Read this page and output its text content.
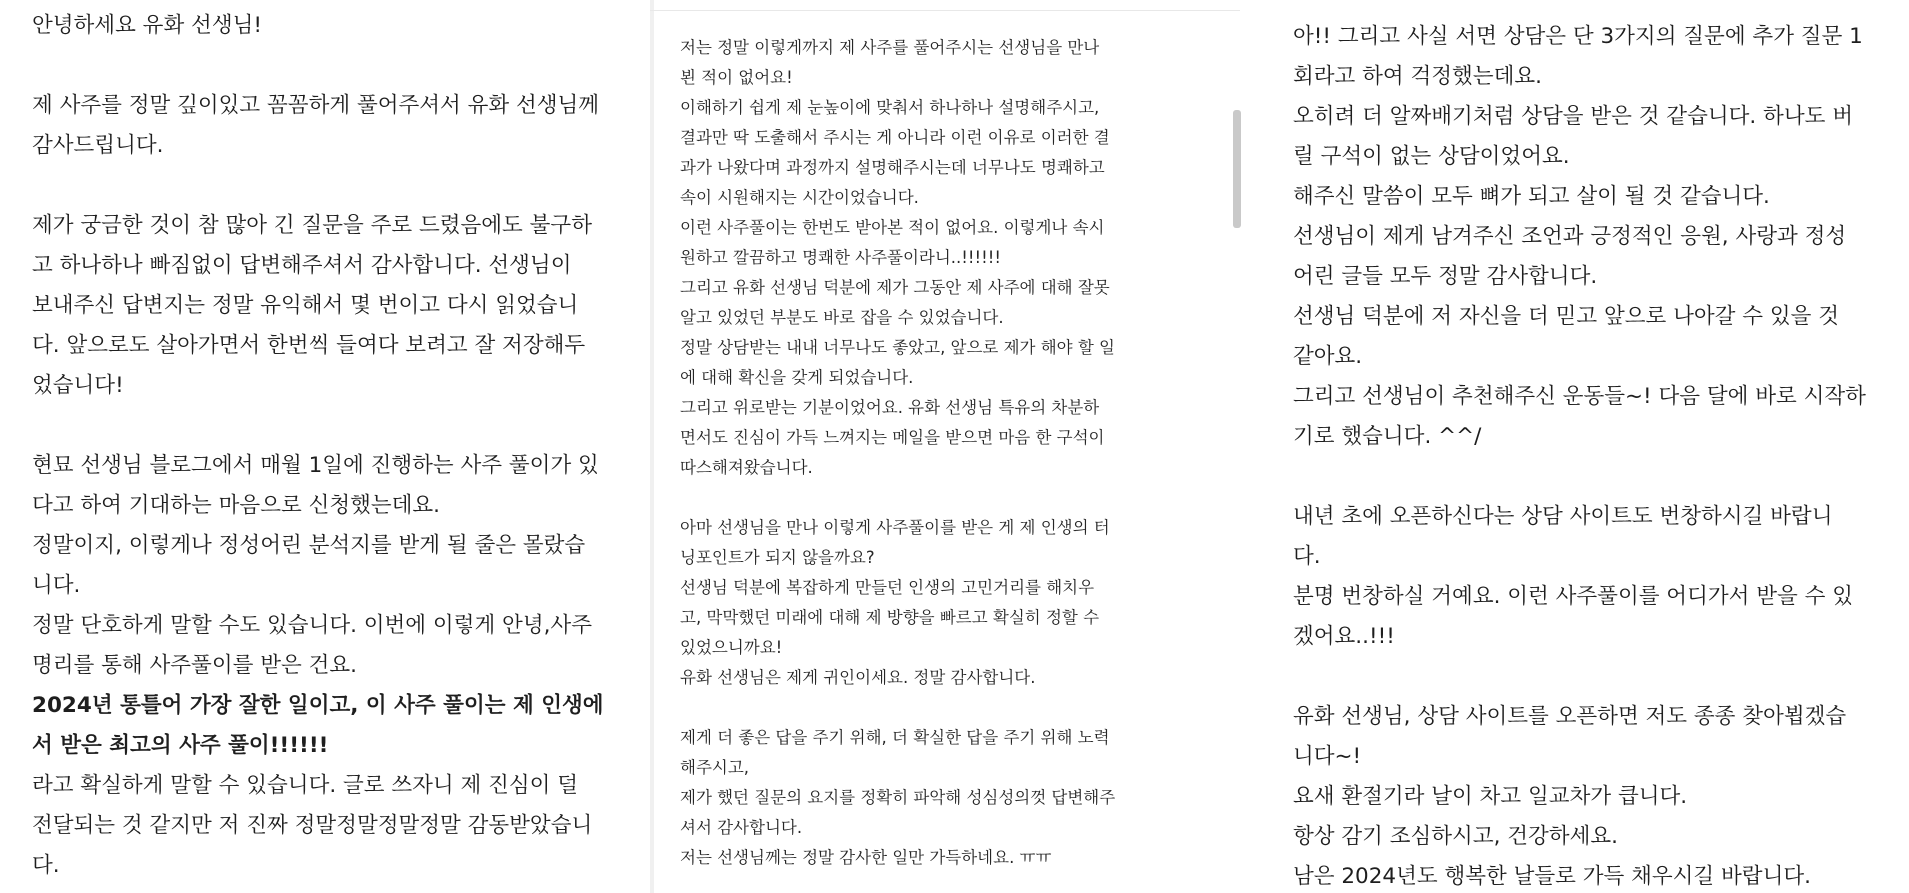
안녕하세요 유화 선생님!
제 사주를 정말 깊이있고 꼼꼼하게 풀어주셔서 유화 선생님께
감사드립니다.
제가 궁금한 것이 참 많아 긴 질문을 주로 드렸음에도 불구하
고 하나하나 빠짐없이 답변해주셔서 감사합니다. 선생님이
보내주신 답변지는 정말 유익해서 몇 번이고 다시 읽었습니
다. 앞으로도 살아가면서 한번씩 들여다 보려고 잘 저장해두
었습니다!
현묘 선생님 블로그에서 매월 1일에 진행하는 사주 풀이가 있
다고 하여 기대하는 마음으로 신청했는데요.
정말이지, 이렇게나 정성어린 분석지를 받게 될 줄은 몰랐습
니다.
정말 단호하게 말할 수도 있습니다. 이번에 이렇게 안녕,사주
명리를 통해 사주풀이를 받은 건요.
2024년 통틀어 가장 잘한 일이고, 이 사주 풀이는 제 인생에
서 받은 최고의 사주 풀이!!!!!!
라고 확실하게 말할 수 있습니다. 글로 쓰자니 제 진심이 덜
전달되는 것 같지만 저 진짜 정말정말정말정말 감동받았습니
다.
저는 정말 이렇게까지 제 사주를 풀어주시는 선생님을 만나
뵌 적이 없어요!
이해하기 쉽게 제 눈높이에 맞춰서 하나하나 설명해주시고,
결과만 딱 도출해서 주시는 게 아니라 이런 이유로 이러한 결
과가 나왔다며 과정까지 설명해주시는데 너무나도 명쾌하고
속이 시원해지는 시간이었습니다.
이런 사주풀이는 한번도 받아본 적이 없어요. 이렇게나 속시
원하고 깔끔하고 명쾌한 사주풀이라니..!!!!!!
그리고 유화 선생님 덕분에 제가 그동안 제 사주에 대해 잘못
알고 있었던 부분도 바로 잡을 수 있었습니다.
정말 상담받는 내내 너무나도 좋았고, 앞으로 제가 해야 할 일
에 대해 확신을 갖게 되었습니다.
그리고 위로받는 기분이었어요. 유화 선생님 특유의 차분하
면서도 진심이 가득 느껴지는 메일을 받으면 마음 한 구석이
따스해져왔습니다.
아마 선생님을 만나 이렇게 사주풀이를 받은 게 제 인생의 터
닝포인트가 되지 않을까요?
선생님 덕분에 복잡하게 만들던 인생의 고민거리를 해치우
고, 막막했던 미래에 대해 제 방향을 빠르고 확실히 정할 수
있었으니까요!
유화 선생님은 제게 귀인이세요. 정말 감사합니다.
제게 더 좋은 답을 주기 위해, 더 확실한 답을 주기 위해 노력
해주시고,
제가 했던 질문의 요지를 정확히 파악해 성심성의껏 답변해주
셔서 감사합니다.
저는 선생님께는 정말 감사한 일만 가득하네요. ㅠㅠ
아!! 그리고 사실 서면 상담은 단 3가지의 질문에 추가 질문 1
회라고 하여 걱정했는데요.
오히려 더 알짜배기처럼 상담을 받은 것 같습니다. 하나도 버
릴 구석이 없는 상담이었어요.
해주신 말씀이 모두 뼈가 되고 살이 될 것 같습니다.
선생님이 제게 남겨주신 조언과 긍정적인 응원, 사랑과 정성
어린 글들 모두 정말 감사합니다.
선생님 덕분에 저 자신을 더 믿고 앞으로 나아갈 수 있을 것
같아요.
그리고 선생님이 추천해주신 운동들~! 다음 달에 바로 시작하
기로 했습니다. ^^/
내년 초에 오픈하신다는 상담 사이트도 번창하시길 바랍니
다.
분명 번창하실 거예요. 이런 사주풀이를 어디가서 받을 수 있
겠어요..!!!
유화 선생님, 상담 사이트를 오픈하면 저도 종종 찾아뵙겠습
니다~!
요새 환절기라 날이 차고 일교차가 큽니다.
항상 감기 조심하시고, 건강하세요.
남은 2024년도 행복한 날들로 가득 채우시길 바랍니다.
